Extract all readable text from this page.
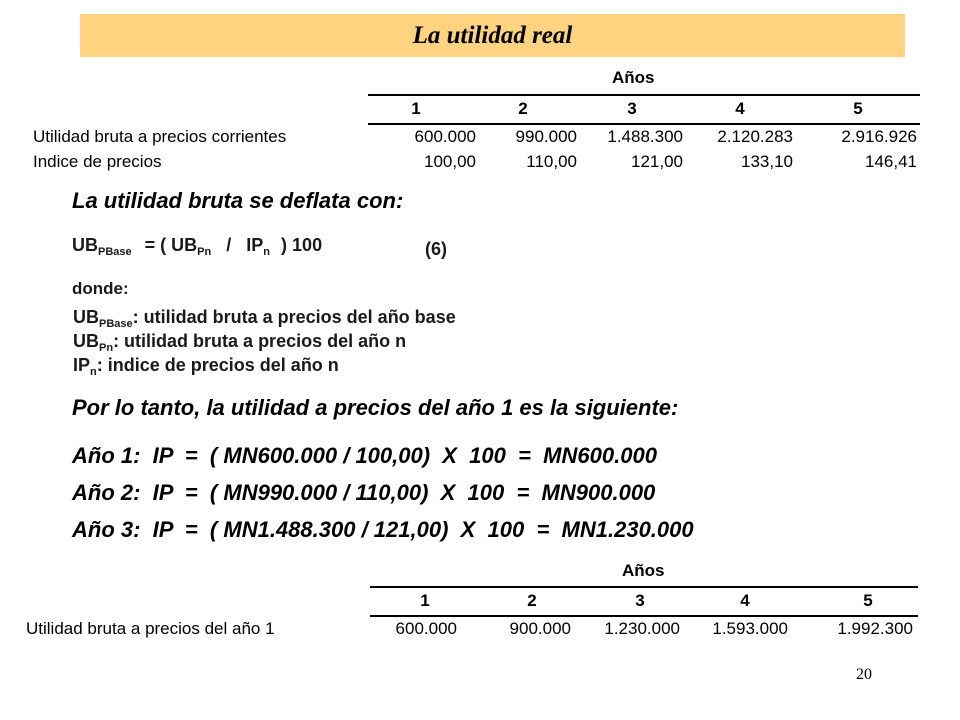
La utilidad real
Años
1	2	3	4	5
Utilidad bruta a precios corrientes	600.000	990.000	1.488.300	2.120.283	2.916.926
Indice de precios	100,00	110,00	121,00	133,10	146,41
La utilidad bruta se deflata con:
$UB_{PBase}$ = ( $UB_{Pn} / IP_n$ ) 100	(6)
donde:
$UB_{PBase}$: utilidad bruta a precios del año base
$UB_{Pn}$: utilidad bruta a precios del año n
$IP_n$: indice de precios del año n
Por lo tanto, la utilidad a precios del año 1 es la siguiente:
Año 1:  IP  =  ( MN600.000 / 100,00)  X  100  =  MN600.000
Año 2:  IP  =  ( MN990.000 / 110,00)  X  100  =  MN900.000
Año 3:  IP  =  ( MN1.488.300 / 121,00)  X  100  =  MN1.230.000
Años
1	2	3	4	5
Utilidad bruta a precios del año 1	600.000	900.000	1.230.000	1.593.000	1.992.300
20
